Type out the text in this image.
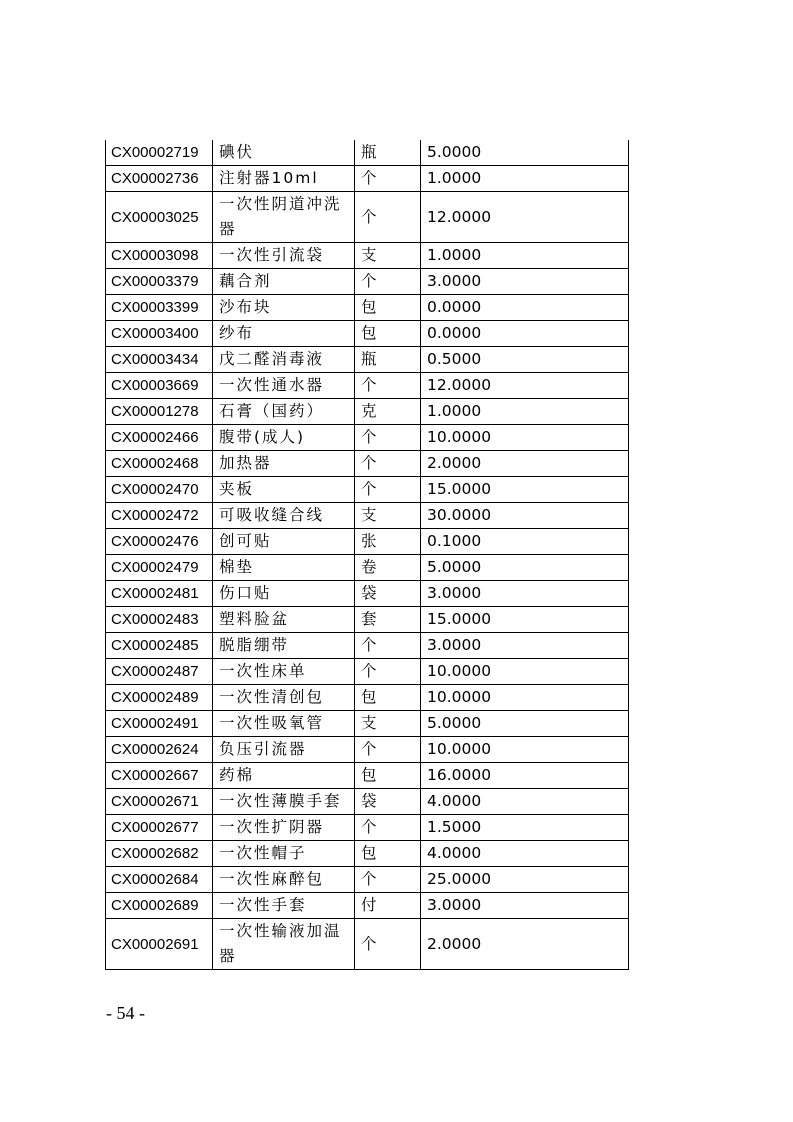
CX00002719	碘伏	瓶	5.0000
CX00002736	注射器10ml	个	1.0000
CX00003025	一次性阴道冲洗器	个	12.0000
CX00003098	一次性引流袋	支	1.0000
CX00003379	藕合剂	个	3.0000
CX00003399	沙布块	包	0.0000
CX00003400	纱布	包	0.0000
CX00003434	戊二醛消毒液	瓶	0.5000
CX00003669	一次性通水器	个	12.0000
CX00001278	石膏（国药）	克	1.0000
CX00002466	腹带(成人)	个	10.0000
CX00002468	加热器	个	2.0000
CX00002470	夹板	个	15.0000
CX00002472	可吸收缝合线	支	30.0000
CX00002476	创可贴	张	0.1000
CX00002479	棉垫	卷	5.0000
CX00002481	伤口贴	袋	3.0000
CX00002483	塑料脸盆	套	15.0000
CX00002485	脱脂绷带	个	3.0000
CX00002487	一次性床单	个	10.0000
CX00002489	一次性清创包	包	10.0000
CX00002491	一次性吸氧管	支	5.0000
CX00002624	负压引流器	个	10.0000
CX00002667	药棉	包	16.0000
CX00002671	一次性薄膜手套	袋	4.0000
CX00002677	一次性扩阴器	个	1.5000
CX00002682	一次性帽子	包	4.0000
CX00002684	一次性麻醉包	个	25.0000
CX00002689	一次性手套	付	3.0000
CX00002691	一次性输液加温器	个	2.0000
- 54 -
